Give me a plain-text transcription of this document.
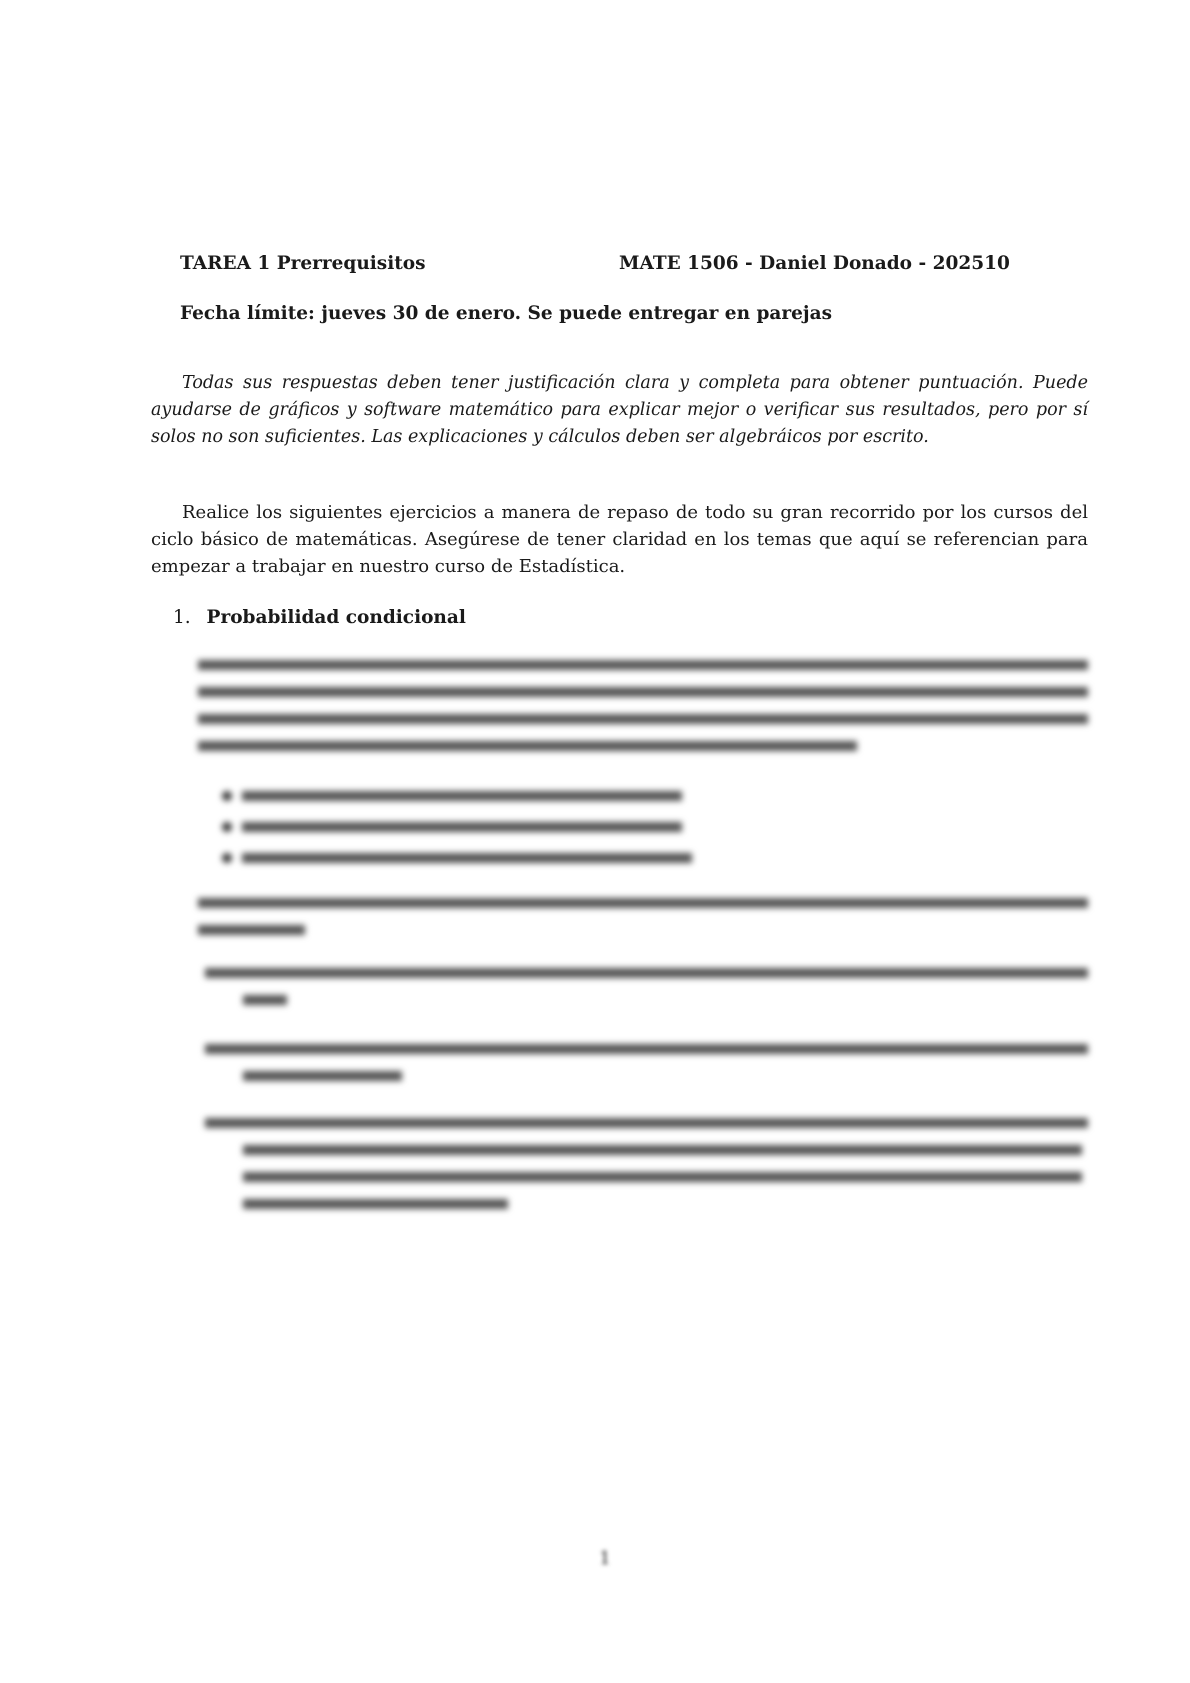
TAREA 1 Prerrequisitos	MATE 1506 - Daniel Donado - 202510
Fecha límite: jueves 30 de enero. Se puede entregar en parejas
Todas sus respuestas deben tener justificación clara y completa para obtener puntuación. Puede ayudarse de gráficos y software matemático para explicar mejor o verificar sus resultados, pero por sí solos no son suficientes. Las explicaciones y cálculos deben ser algebráicos por escrito.
Realice los siguientes ejercicios a manera de repaso de todo su gran recorrido por los cursos del ciclo básico de matemáticas. Asegúrese de tener claridad en los temas que aquí se referencian para empezar a trabajar en nuestro curso de Estadística.
1. Probabilidad condicional
1
